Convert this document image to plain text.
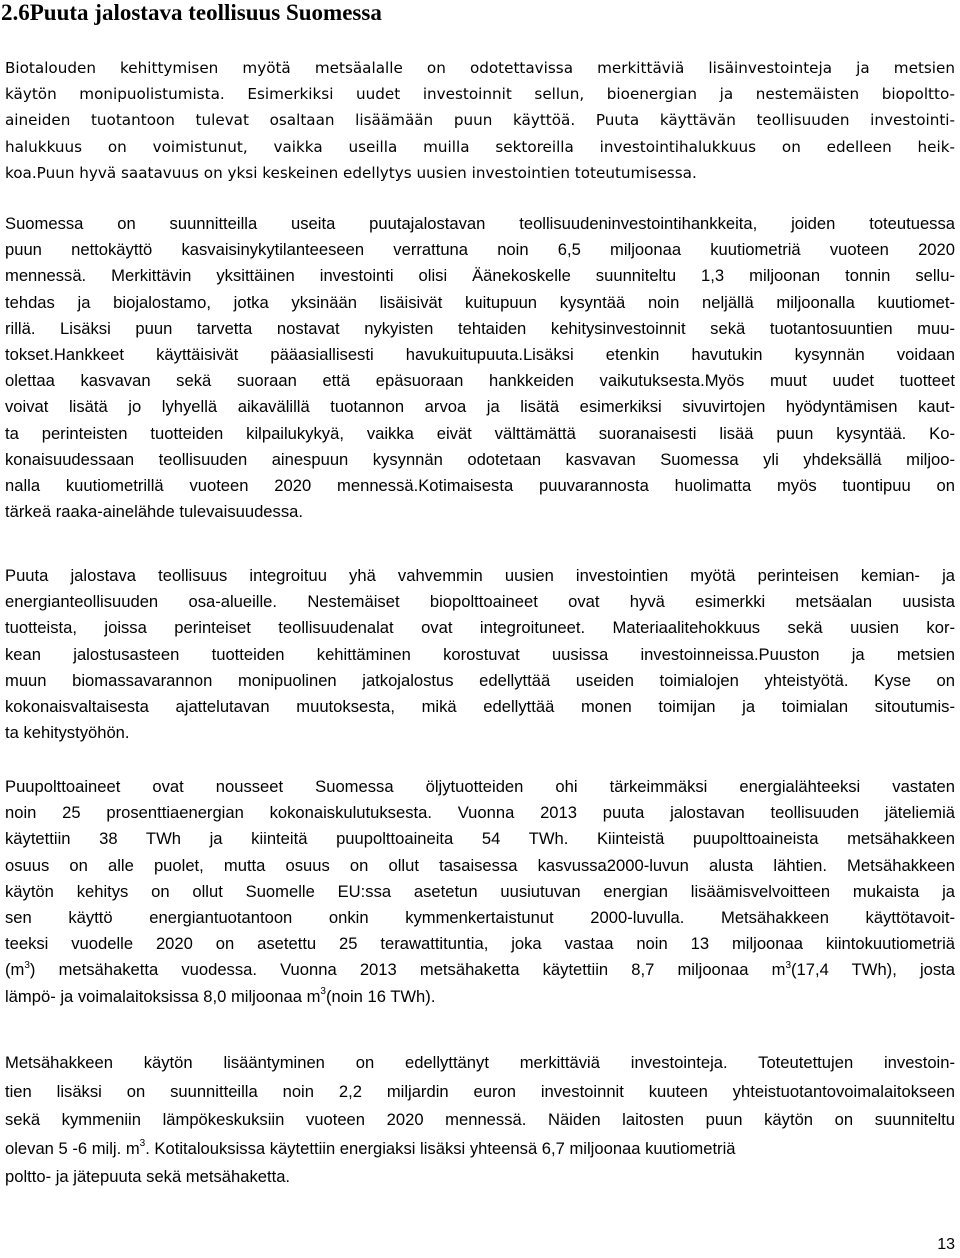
2.6Puuta jalostava teollisuus Suomessa
Biotalouden kehittymisen myötä metsäalalle on odotettavissa merkittäviä lisäinvestointeja ja metsien
käytön monipuolistumista. Esimerkiksi uudet investoinnit sellun, bioenergian ja nestemäisten biopoltto-
aineiden tuotantoon tulevat osaltaan lisäämään puun käyttöä. Puuta käyttävän teollisuuden investointi-
halukkuus on voimistunut, vaikka useilla muilla sektoreilla investointihalukkuus on edelleen heik-
koa.Puun hyvä saatavuus on yksi keskeinen edellytys uusien investointien toteutumisessa.
Suomessa on suunnitteilla useita puutajalostavan teollisuudeninvestointihankkeita, joiden toteutuessa
puun nettokäyttö kasvaisinykytilanteeseen verrattuna noin 6,5 miljoonaa kuutiometriä vuoteen 2020
mennessä. Merkittävin yksittäinen investointi olisi Äänekoskelle suunniteltu 1,3 miljoonan tonnin sellu-
tehdas ja biojalostamo, jotka yksinään lisäisivät kuitupuun kysyntää noin neljällä miljoonalla kuutiomet-
rillä. Lisäksi puun tarvetta nostavat nykyisten tehtaiden kehitysinvestoinnit sekä tuotantosuuntien muu-
tokset.Hankkeet käyttäisivät pääasiallisesti havukuitupuuta.Lisäksi etenkin havutukin kysynnän voidaan
olettaa kasvavan sekä suoraan että epäsuoraan hankkeiden vaikutuksesta.Myös muut uudet tuotteet
voivat lisätä jo lyhyellä aikavälillä tuotannon arvoa ja lisätä esimerkiksi sivuvirtojen hyödyntämisen kaut-
ta perinteisten tuotteiden kilpailukykyä, vaikka eivät välttämättä suoranaisesti lisää puun kysyntää. Ko-
konaisuudessaan teollisuuden ainespuun kysynnän odotetaan kasvavan Suomessa yli yhdeksällä miljoo-
nalla kuutiometrillä vuoteen 2020 mennessä.Kotimaisesta puuvarannosta huolimatta myös tuontipuu on
tärkeä raaka-ainelähde tulevaisuudessa.
Puuta jalostava teollisuus integroituu yhä vahvemmin uusien investointien myötä perinteisen kemian- ja
energianteollisuuden osa-alueille. Nestemäiset biopolttoaineet ovat hyvä esimerkki metsäalan uusista
tuotteista, joissa perinteiset teollisuudenalat ovat integroituneet. Materiaalitehokkuus sekä uusien kor-
kean jalostusasteen tuotteiden kehittäminen korostuvat uusissa investoinneissa.Puuston ja metsien
muun biomassavarannon monipuolinen jatkojalostus edellyttää useiden toimialojen yhteistyötä. Kyse on
kokonaisvaltaisesta ajattelutavan muutoksesta, mikä edellyttää monen toimijan ja toimialan sitoutumis-
ta kehitystyöhön.
Puupolttoaineet ovat nousseet Suomessa öljytuotteiden ohi tärkeimmäksi energialähteeksi vastaten
noin 25 prosenttiaenergian kokonaiskulutuksesta. Vuonna 2013 puuta jalostavan teollisuuden jäteliemiä
käytettiin 38 TWh ja kiinteitä puupolttoaineita 54 TWh. Kiinteistä puupolttoaineista metsähakkeen
osuus on alle puolet, mutta osuus on ollut tasaisessa kasvussa2000-luvun alusta lähtien. Metsähakkeen
käytön kehitys on ollut Suomelle EU:ssa asetetun uusiutuvan energian lisäämisvelvoitteen mukaista ja
sen käyttö energiantuotantoon onkin kymmenkertaistunut 2000-luvulla. Metsähakkeen käyttötavoit-
teeksi vuodelle 2020 on asetettu 25 terawattituntia, joka vastaa noin 13 miljoonaa kiintokuutiometriä
$(m^3)$ metsähaketta vuodessa. Vuonna 2013 metsähaketta käytettiin 8,7 miljoonaa $m^3(17,4$ TWh), josta
lämpö- ja voimalaitoksissa 8,0 miljoonaa $m^3(noin$ 16 TWh).
Metsähakkeen käytön lisääntyminen on edellyttänyt merkittäviä investointeja. Toteutettujen investoin-
tien lisäksi on suunnitteilla noin 2,2 miljardin euron investoinnit kuuteen yhteistuotantovoimalaitokseen
sekä kymmeniin lämpökeskuksiin vuoteen 2020 mennessä. Näiden laitosten puun käytön on suunniteltu
olevan 5 -6 milj. $m^3$. Kotitalouksissa käytettiin energiaksi lisäksi yhteensä 6,7 miljoonaa kuutiometriä
poltto- ja jätepuuta sekä metsähaketta.
13
